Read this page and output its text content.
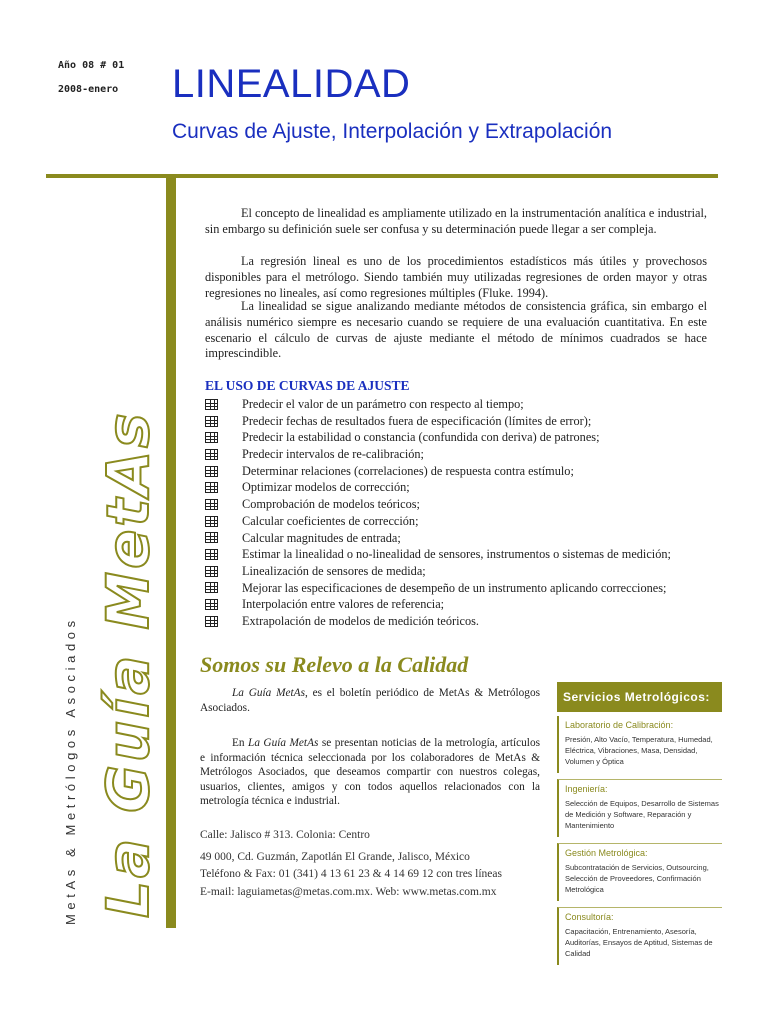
Año 08 # 01
2008-enero LINEALIDAD
Curvas de Ajuste, Interpolación y Extrapolación
MetAs & Metrólogos Asociados La Guía MetAs

El concepto de linealidad es ampliamente utilizado en la instrumentación analítica e industrial, sin embargo su definición suele ser confusa y su determinación puede llegar a ser compleja.

La regresión lineal es uno de los procedimientos estadísticos más útiles y provechosos disponibles para el metrólogo. Siendo también muy utilizadas regresiones de orden mayor y otras regresiones no lineales, así como regresiones múltiples (Fluke. 1994).

La linealidad se sigue analizando mediante métodos de consistencia gráfica, sin embargo el análisis numérico siempre es necesario cuando se requiere de una evaluación cuantitativa. En este escenario el cálculo de curvas de ajuste mediante el método de mínimos cuadrados se hace imprescindible.

EL USO DE CURVAS DE AJUSTE
Predecir el valor de un parámetro con respecto al tiempo;
Predecir fechas de resultados fuera de especificación (límites de error);
Predecir la estabilidad o constancia (confundida con deriva) de patrones;
Predecir intervalos de re-calibración;
Determinar relaciones (correlaciones) de respuesta contra estímulo;
Optimizar modelos de corrección;
Comprobación de modelos teóricos;
Calcular coeficientes de corrección;
Calcular magnitudes de entrada;
Estimar la linealidad o no-linealidad de sensores, instrumentos o sistemas de medición;
Linealización de sensores de medida;
Mejorar las especificaciones de desempeño de un instrumento aplicando correcciones;
Interpolación entre valores de referencia;
Extrapolación de modelos de medición teóricos.
Somos su Relevo a la Calidad

La Guía MetAs, es el boletín periódico de MetAs & Metrólogos Asociados.

En La Guía MetAs se presentan noticias de la metrología, artículos e información técnica seleccionada por los colaboradores de MetAs & Metrólogos Asociados, que deseamos compartir con nuestros colegas, usuarios, clientes, amigos y con todos aquellos relacionados con la metrología técnica e industrial.

Calle: Jalisco # 313. Colonia: Centro
49 000, Cd. Guzmán, Zapotlán El Grande, Jalisco, México
Teléfono & Fax: 01 (341) 4 13 61 23 & 4 14 69 12 con tres líneas
E-mail: laguiametas@metas.com.mx. Web: www.metas.com.mx
Servicios Metrológicos:
Laboratorio de Calibración:
Presión, Alto Vacío, Temperatura, Humedad, Eléctrica, Vibraciones, Masa, Densidad, Volumen y Óptica
Ingeniería:
Selección de Equipos, Desarrollo de Sistemas de Medición y Software, Reparación y Mantenimiento
Gestión Metrológica:
Subcontratación de Servicios, Outsourcing, Selección de Proveedores, Confirmación Metrológica
Consultoría:
Capacitación, Entrenamiento, Asesoría, Auditorías, Ensayos de Aptitud, Sistemas de Calidad
